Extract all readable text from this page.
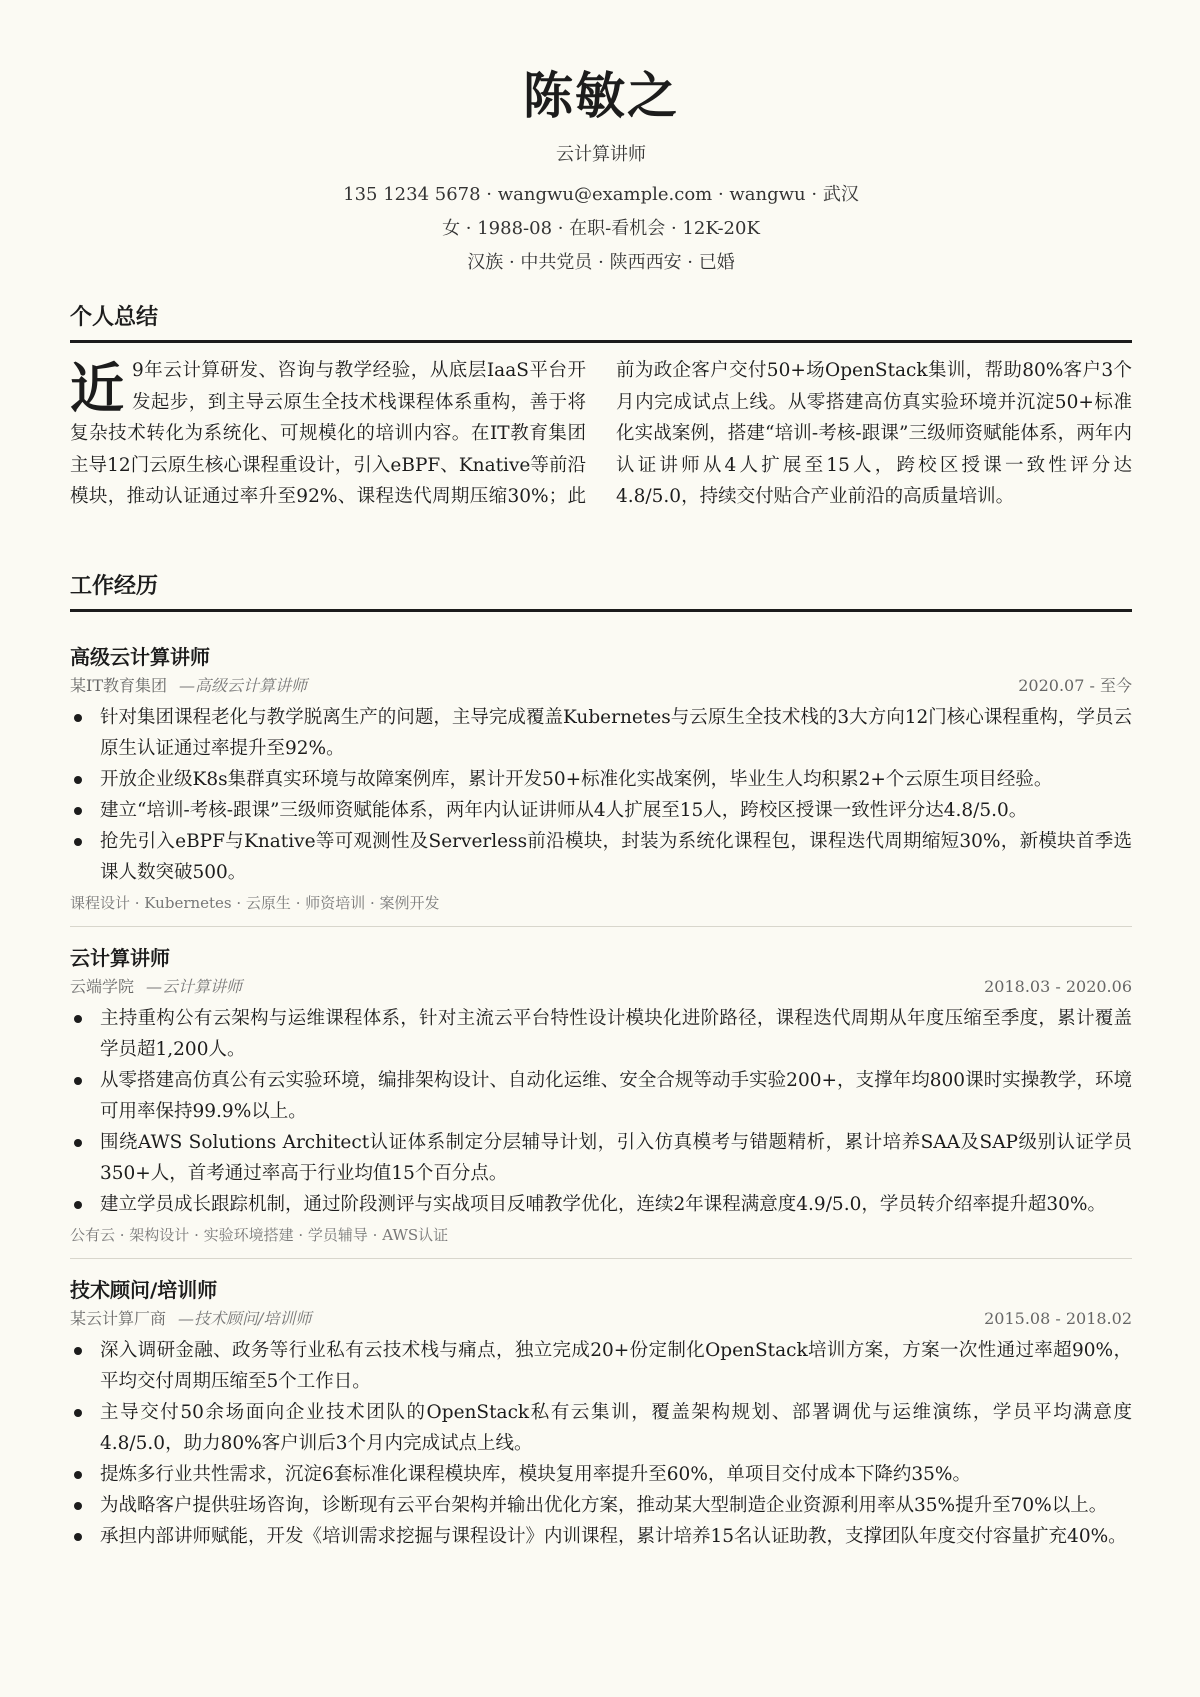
陈敏之
云计算讲师
135 1234 5678 · wangwu@example.com · wangwu · 武汉
女 · 1988-08 · 在职-看机会 · 12K-20K
汉族 · 中共党员 · 陕西西安 · 已婚
个人总结
近 9年云计算研发、咨询与教学经验，从底层IaaS平台开发起步，到主导云原生全技术栈课程体系重构，善于将复杂技术转化为系统化、可规模化的培训内容。在IT教育集团主导12门云原生核心课程重设计，引入eBPF、Knative等前沿模块，推动认证通过率升至92%、课程迭代周期压缩30%；此前为政企客户交付50+场OpenStack集训，帮助80%客户3个月内完成试点上线。从零搭建高仿真实验环境并沉淀50+标准化实战案例，搭建“培训-考核-跟课”三级师资赋能体系，两年内认证讲师从4人扩展至15人，跨校区授课一致性评分达4.8/5.0，持续交付贴合产业前沿的高质量培训。
工作经历
高级云计算讲师
某IT教育集团 —高级云计算讲师	2020.07 - 至今
针对集团课程老化与教学脱离生产的问题，主导完成覆盖Kubernetes与云原生全技术栈的3大方向12门核心课程重构，学员云原生认证通过率提升至92%。
开放企业级K8s集群真实环境与故障案例库，累计开发50+标准化实战案例，毕业生人均积累2+个云原生项目经验。
建立“培训-考核-跟课”三级师资赋能体系，两年内认证讲师从4人扩展至15人，跨校区授课一致性评分达4.8/5.0。
抢先引入eBPF与Knative等可观测性及Serverless前沿模块，封装为系统化课程包，课程迭代周期缩短30%，新模块首季选课人数突破500。
课程设计 · Kubernetes · 云原生 · 师资培训 · 案例开发
云计算讲师
云端学院 —云计算讲师	2018.03 - 2020.06
主持重构公有云架构与运维课程体系，针对主流云平台特性设计模块化进阶路径，课程迭代周期从年度压缩至季度，累计覆盖学员超1,200人。
从零搭建高仿真公有云实验环境，编排架构设计、自动化运维、安全合规等动手实验200+，支撑年均800课时实操教学，环境可用率保持99.9%以上。
围绕AWS Solutions Architect认证体系制定分层辅导计划，引入仿真模考与错题精析，累计培养SAA及SAP级别认证学员350+人，首考通过率高于行业均值15个百分点。
建立学员成长跟踪机制，通过阶段测评与实战项目反哺教学优化，连续2年课程满意度4.9/5.0，学员转介绍率提升超30%。
公有云 · 架构设计 · 实验环境搭建 · 学员辅导 · AWS认证
技术顾问/培训师
某云计算厂商 —技术顾问/培训师	2015.08 - 2018.02
深入调研金融、政务等行业私有云技术栈与痛点，独立完成20+份定制化OpenStack培训方案，方案一次性通过率超90%，平均交付周期压缩至5个工作日。
主导交付50余场面向企业技术团队的OpenStack私有云集训，覆盖架构规划、部署调优与运维演练，学员平均满意度4.8/5.0，助力80%客户训后3个月内完成试点上线。
提炼多行业共性需求，沉淀6套标准化课程模块库，模块复用率提升至60%，单项目交付成本下降约35%。
为战略客户提供驻场咨询，诊断现有云平台架构并输出优化方案，推动某大型制造企业资源利用率从35%提升至70%以上。
承担内部讲师赋能，开发《培训需求挖掘与课程设计》内训课程，累计培养15名认证助教，支撑团队年度交付容量扩充40%。
